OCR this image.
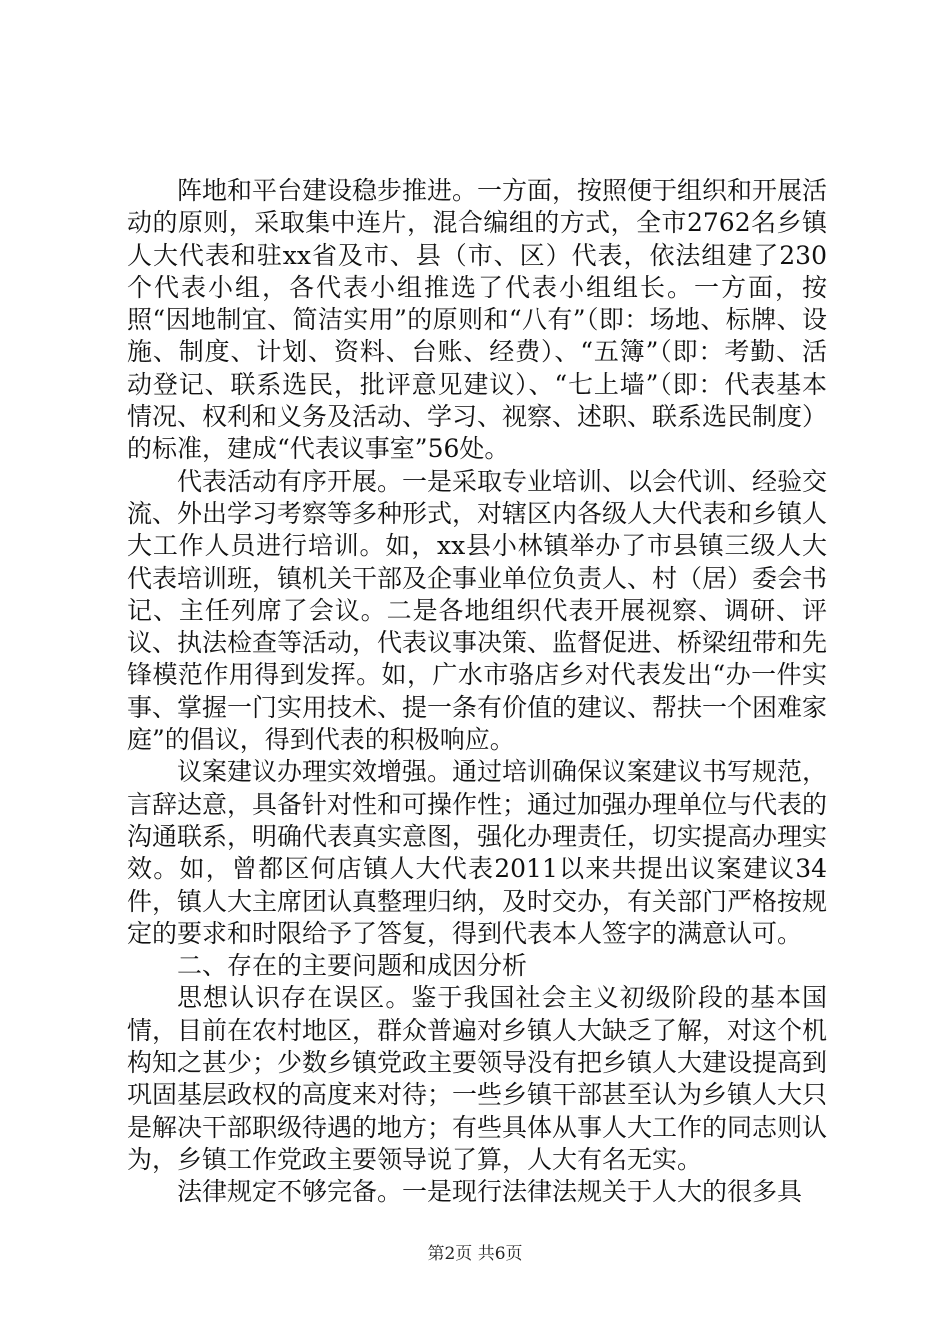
阵地和平台建设稳步推进。一方面，按照便于组织和开展活动的原则，采取集中连片，混合编组的方式，全市2762名乡镇人大代表和驻xx省及市、县（市、区）代表，依法组建了230个代表小组，各代表小组推选了代表小组组长。一方面，按照“因地制宜、简洁实用”的原则和“八有”（即：场地、标牌、设施、制度、计划、资料、台账、经费）、“五簿”（即：考勤、活动登记、联系选民，批评意见建议）、“七上墙”（即：代表基本情况、权利和义务及活动、学习、视察、述职、联系选民制度）的标准，建成“代表议事室”56处。

代表活动有序开展。一是采取专业培训、以会代训、经验交流、外出学习考察等多种形式，对辖区内各级人大代表和乡镇人大工作人员进行培训。如，xx县小林镇举办了市县镇三级人大代表培训班，镇机关干部及企事业单位负责人、村（居）委会书记、主任列席了会议。二是各地组织代表开展视察、调研、评议、执法检查等活动，代表议事决策、监督促进、桥梁纽带和先锋模范作用得到发挥。如，广水市骆店乡对代表发出“办一件实事、掌握一门实用技术、提一条有价值的建议、帮扶一个困难家庭”的倡议，得到代表的积极响应。

议案建议办理实效增强。通过培训确保议案建议书写规范，言辞达意，具备针对性和可操作性；通过加强办理单位与代表的沟通联系，明确代表真实意图，强化办理责任，切实提高办理实效。如，曾都区何店镇人大代表2011以来共提出议案建议34件，镇人大主席团认真整理归纳，及时交办，有关部门严格按规定的要求和时限给予了答复，得到代表本人签字的满意认可。

二、存在的主要问题和成因分析

思想认识存在误区。鉴于我国社会主义初级阶段的基本国情，目前在农村地区，群众普遍对乡镇人大缺乏了解，对这个机构知之甚少；少数乡镇党政主要领导没有把乡镇人大建设提高到巩固基层政权的高度来对待；一些乡镇干部甚至认为乡镇人大只是解决干部职级待遇的地方；有些具体从事人大工作的同志则认为，乡镇工作党政主要领导说了算，人大有名无实。

法律规定不够完备。一是现行法律法规关于人大的很多具

第2页 共6页
